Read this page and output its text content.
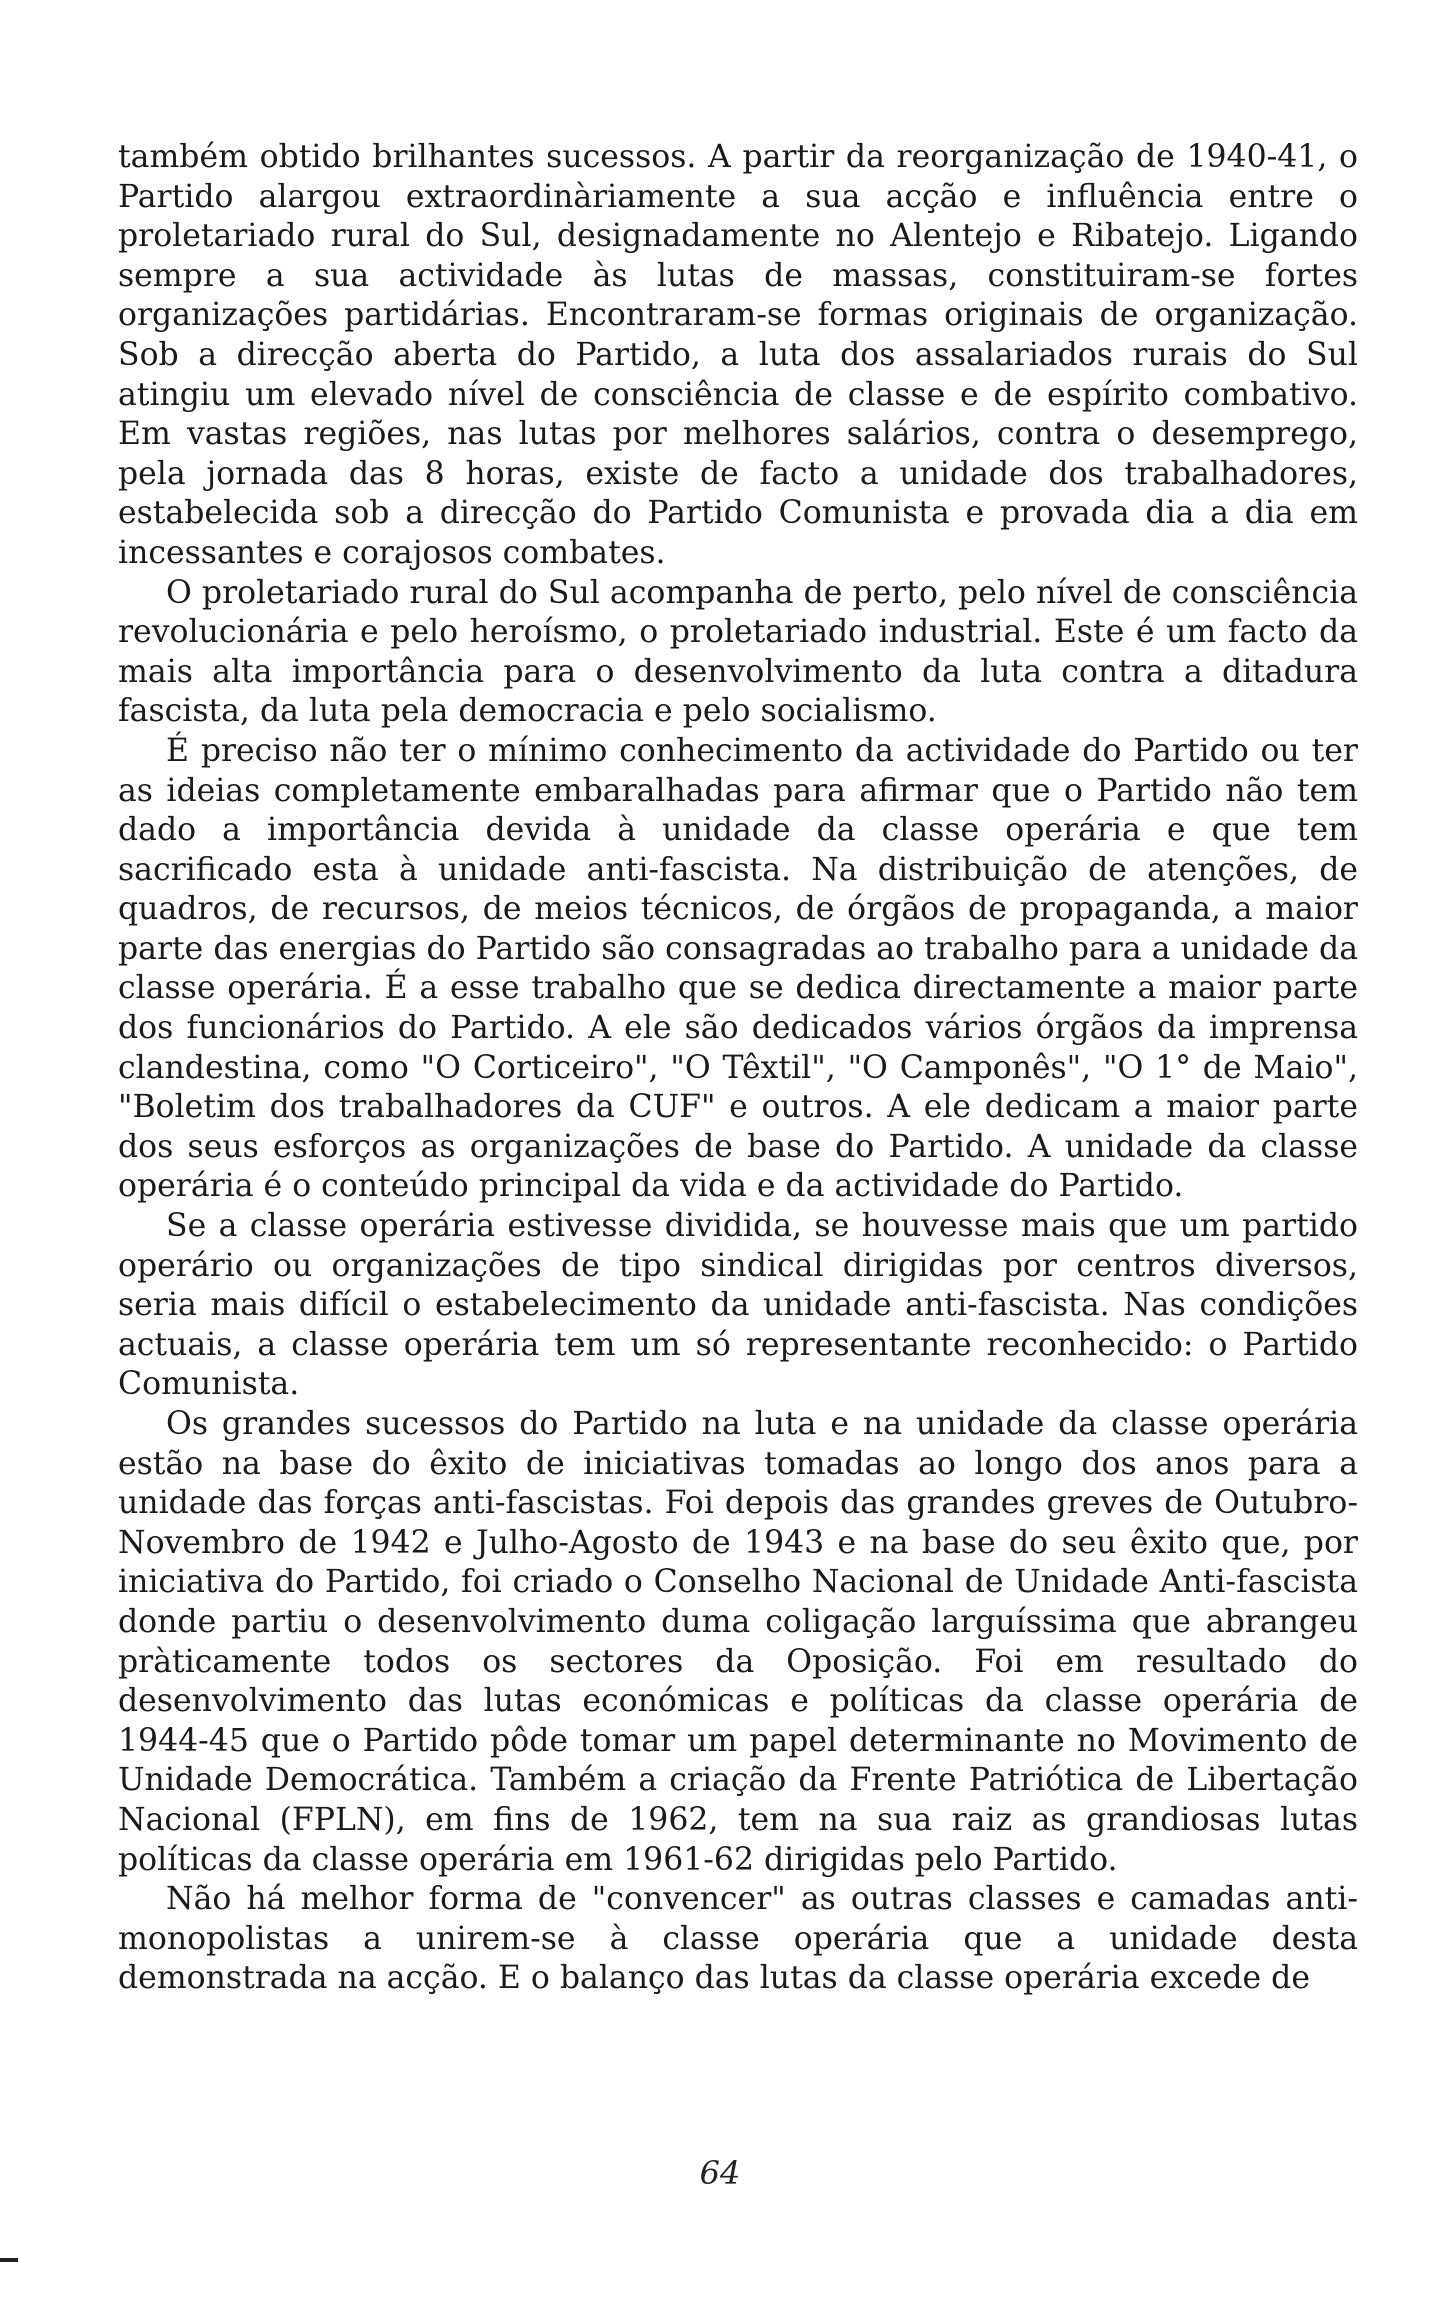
também obtido brilhantes sucessos. A partir da reorganização de 1940-41, o Partido alargou extraordinàriamente a sua acção e influência entre o proletariado rural do Sul, designadamente no Alentejo e Ribatejo. Ligando sempre a sua actividade às lutas de massas, constituiram-se fortes organizações partidárias. Encontraram-se formas originais de organização. Sob a direcção aberta do Partido, a luta dos assalariados rurais do Sul atingiu um elevado nível de consciência de classe e de espírito combativo. Em vastas regiões, nas lutas por melhores salários, contra o desemprego, pela jornada das 8 horas, existe de facto a unidade dos trabalhadores, estabelecida sob a direcção do Partido Comunista e provada dia a dia em incessantes e corajosos combates.

O proletariado rural do Sul acompanha de perto, pelo nível de consciência revolucionária e pelo heroísmo, o proletariado industrial. Este é um facto da mais alta importância para o desenvolvimento da luta contra a ditadura fascista, da luta pela democracia e pelo socialismo.

É preciso não ter o mínimo conhecimento da actividade do Partido ou ter as ideias completamente embaralhadas para afirmar que o Partido não tem dado a importância devida à unidade da classe operária e que tem sacrificado esta à unidade anti-fascista. Na distribuição de atenções, de quadros, de recursos, de meios técnicos, de órgãos de propaganda, a maior parte das energias do Partido são consagradas ao trabalho para a unidade da classe operária. É a esse trabalho que se dedica directamente a maior parte dos funcionários do Partido. A ele são dedicados vários órgãos da imprensa clandestina, como "O Corticeiro", "O Têxtil", "O Camponês", "O 1° de Maio", "Boletim dos trabalhadores da CUF" e outros. A ele dedicam a maior parte dos seus esforços as organizações de base do Partido. A unidade da classe operária é o conteúdo principal da vida e da actividade do Partido.

Se a classe operária estivesse dividida, se houvesse mais que um partido operário ou organizações de tipo sindical dirigidas por centros diversos, seria mais difícil o estabelecimento da unidade anti-fascista. Nas condições actuais, a classe operária tem um só representante reconhecido: o Partido Comunista.

Os grandes sucessos do Partido na luta e na unidade da classe operária estão na base do êxito de iniciativas tomadas ao longo dos anos para a unidade das forças anti-fascistas. Foi depois das grandes greves de Outubro-Novembro de 1942 e Julho-Agosto de 1943 e na base do seu êxito que, por iniciativa do Partido, foi criado o Conselho Nacional de Unidade Anti-fascista donde partiu o desenvolvimento duma coligação larguíssima que abrangeu pràticamente todos os sectores da Oposição. Foi em resultado do desenvolvimento das lutas económicas e políticas da classe operária de 1944-45 que o Partido pôde tomar um papel determinante no Movimento de Unidade Democrática. Também a criação da Frente Patriótica de Libertação Nacional (FPLN), em fins de 1962, tem na sua raiz as grandiosas lutas políticas da classe operária em 1961-62 dirigidas pelo Partido.

Não há melhor forma de "convencer" as outras classes e camadas anti-monopolistas a unirem-se à classe operária que a unidade desta demonstrada na acção. E o balanço das lutas da classe operária excede de

64
